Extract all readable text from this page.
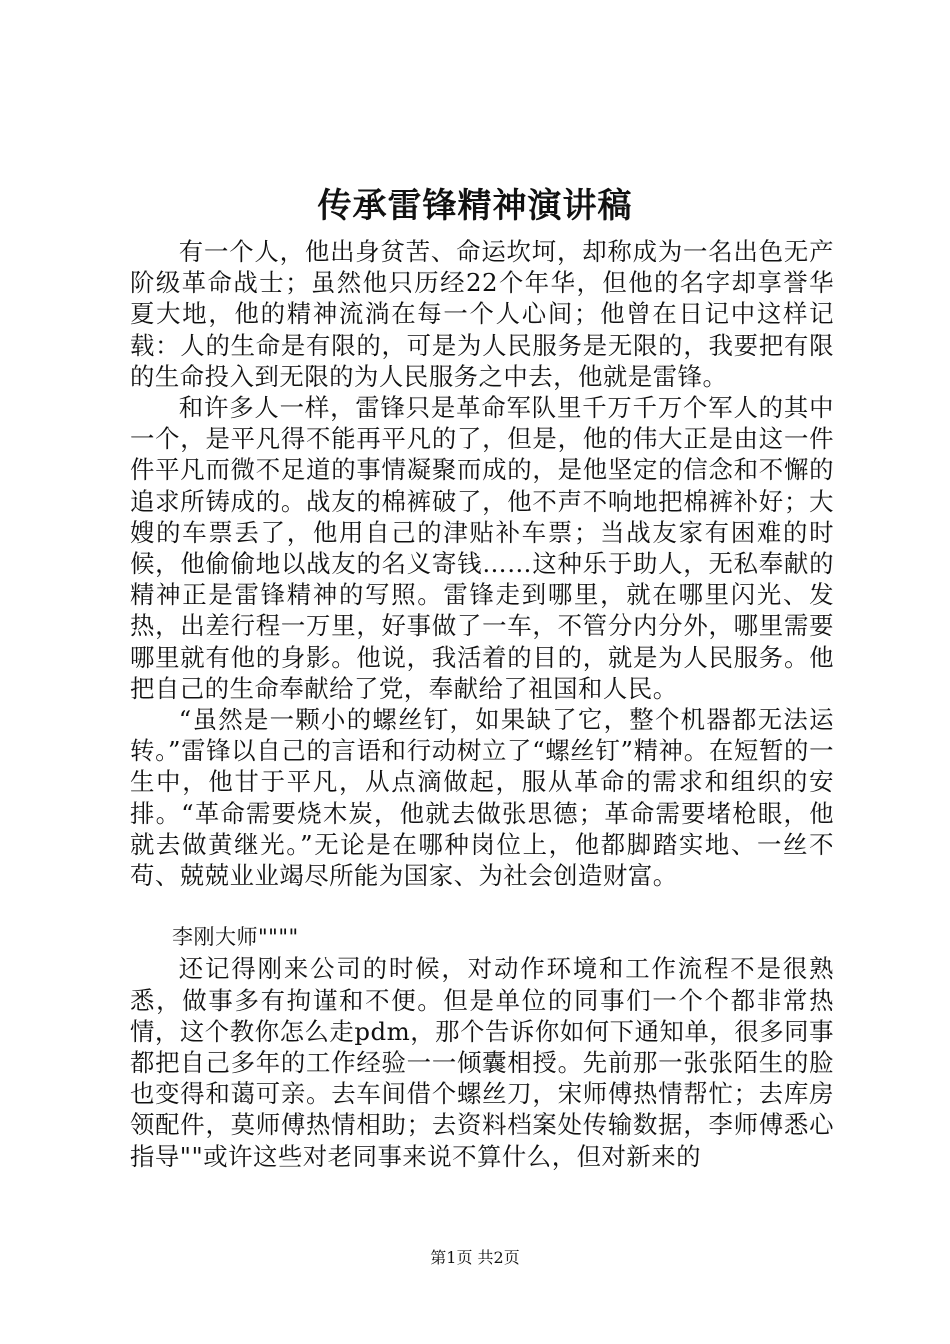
传承雷锋精神演讲稿

有一个人，他出身贫苦、命运坎坷，却称成为一名出色无产阶级革命战士；虽然他只历经22个年华，但他的名字却享誉华夏大地，他的精神流淌在每一个人心间；他曾在日记中这样记载：人的生命是有限的，可是为人民服务是无限的，我要把有限的生命投入到无限的为人民服务之中去，他就是雷锋。

和许多人一样，雷锋只是革命军队里千万千万个军人的其中一个，是平凡得不能再平凡的了，但是，他的伟大正是由这一件件平凡而微不足道的事情凝聚而成的，是他坚定的信念和不懈的追求所铸成的。战友的棉裤破了，他不声不响地把棉裤补好；大嫂的车票丢了，他用自己的津贴补车票；当战友家有困难的时候，他偷偷地以战友的名义寄钱……这种乐于助人，无私奉献的精神正是雷锋精神的写照。雷锋走到哪里，就在哪里闪光、发热，出差行程一万里，好事做了一车，不管分内分外，哪里需要哪里就有他的身影。他说，我活着的目的，就是为人民服务。他把自己的生命奉献给了党，奉献给了祖国和人民。

“虽然是一颗小的螺丝钉，如果缺了它，整个机器都无法运转。”雷锋以自己的言语和行动树立了“螺丝钉”精神。在短暂的一生中，他甘于平凡，从点滴做起，服从革命的需求和组织的安排。“革命需要烧木炭，他就去做张思德；革命需要堵枪眼，他就去做黄继光。”无论是在哪种岗位上，他都脚踏实地、一丝不苟、兢兢业业竭尽所能为国家、为社会创造财富。

李刚大师""""

还记得刚来公司的时候，对动作环境和工作流程不是很熟悉，做事多有拘谨和不便。但是单位的同事们一个个都非常热情，这个教你怎么走pdm，那个告诉你如何下通知单，很多同事都把自己多年的工作经验一一倾囊相授。先前那一张张陌生的脸也变得和蔼可亲。去车间借个螺丝刀，宋师傅热情帮忙；去库房领配件，莫师傅热情相助；去资料档案处传输数据，李师傅悉心指导""或许这些对老同事来说不算什么，但对新来的

第1页 共2页
